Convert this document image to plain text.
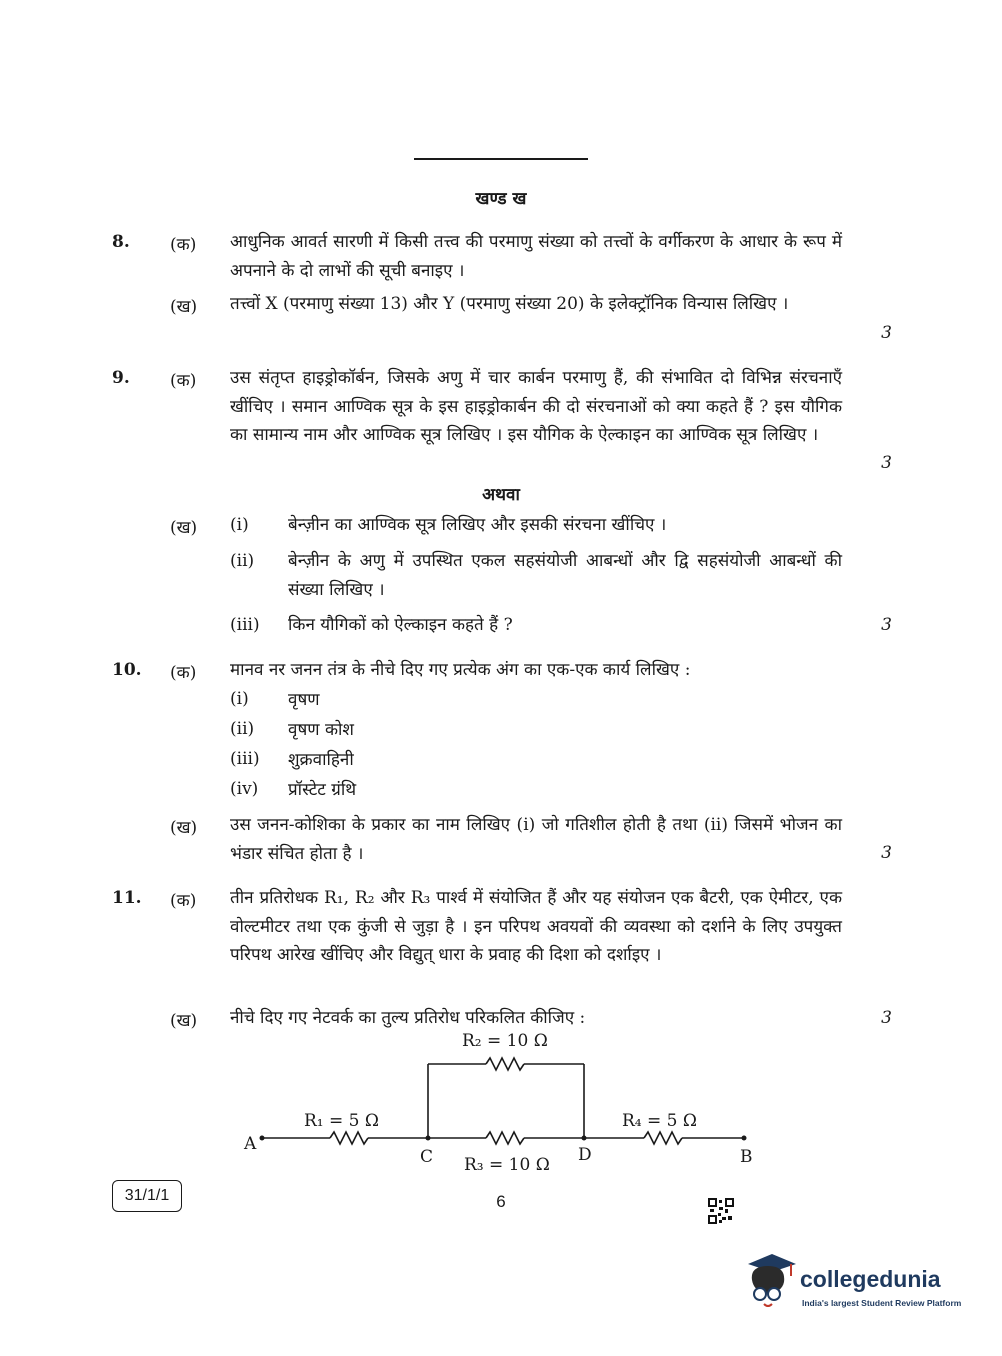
खण्ड ख
8. (क) आधुनिक आवर्त सारणी में किसी तत्त्व की परमाणु संख्या को तत्त्वों के वर्गीकरण के आधार के रूप में अपनाने के दो लाभों की सूची बनाइए ।
(ख) तत्त्वों X (परमाणु संख्या 13) और Y (परमाणु संख्या 20) के इलेक्ट्रॉनिक विन्यास लिखिए ।
3
9. (क) उस संतृप्त हाइड्रोकॉर्बन, जिसके अणु में चार कार्बन परमाणु हैं, की संभावित दो विभिन्न संरचनाएँ खींचिए । समान आण्विक सूत्र के इस हाइड्रोकार्बन की दो संरचनाओं को क्या कहते हैं ? इस यौगिक का सामान्य नाम और आण्विक सूत्र लिखिए । इस यौगिक के ऐल्काइन का आण्विक सूत्र लिखिए ।
3
अथवा
(ख) (i) बेन्ज़ीन का आण्विक सूत्र लिखिए और इसकी संरचना खींचिए ।
(ii) बेन्ज़ीन के अणु में उपस्थित एकल सहसंयोजी आबन्धों और द्वि सहसंयोजी आबन्धों की संख्या लिखिए ।
(iii) किन यौगिकों को ऐल्काइन कहते हैं ?	3
10. (क) मानव नर जनन तंत्र के नीचे दिए गए प्रत्येक अंग का एक-एक कार्य लिखिए :
(i) वृषण
(ii) वृषण कोश
(iii) शुक्रवाहिनी
(iv) प्रॉस्टेट ग्रंथि
(ख) उस जनन-कोशिका के प्रकार का नाम लिखिए (i) जो गतिशील होती है तथा (ii) जिसमें भोजन का भंडार संचित होता है ।	3
11. (क) तीन प्रतिरोधक R₁, R₂ और R₃ पार्श्व में संयोजित हैं और यह संयोजन एक बैटरी, एक ऐमीटर, एक वोल्टमीटर तथा एक कुंजी से जुड़ा है । इन परिपथ अवयवों की व्यवस्था को दर्शाने के लिए उपयुक्त परिपथ आरेख खींचिए और विद्युत् धारा के प्रवाह की दिशा को दर्शाइए ।
(ख) नीचे दिए गए नेटवर्क का तुल्य प्रतिरोध परिकलित कीजिए :	3
R₂ = 10 Ω
R₁ = 5 Ω	R₄ = 5 Ω
R₃ = 10 Ω
A
C	D	B
31/1/1	6
collegedunia
India's largest Student Review Platform
